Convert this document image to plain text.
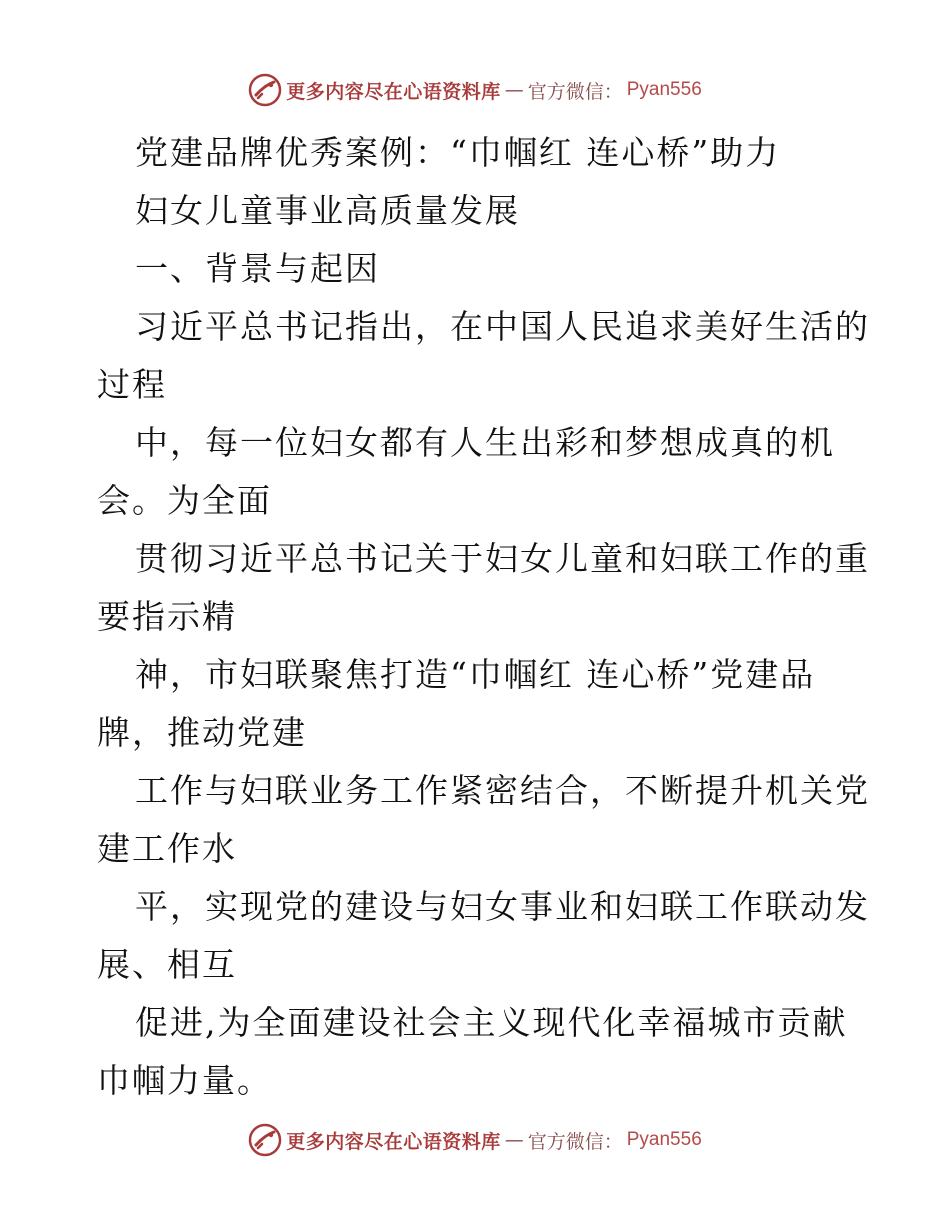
更多内容尽在心语资料库 — 官方微信： Pyan556
党建品牌优秀案例：“巾帼红 连心桥”助力
妇女儿童事业高质量发展
一、背景与起因
习近平总书记指出，在中国人民追求美好生活的
过程
中，每一位妇女都有人生出彩和梦想成真的机
会。为全面
贯彻习近平总书记关于妇女儿童和妇联工作的重
要指示精
神，市妇联聚焦打造“巾帼红 连心桥”党建品
牌，推动党建
工作与妇联业务工作紧密结合，不断提升机关党
建工作水
平，实现党的建设与妇女事业和妇联工作联动发
展、相互
促进,为全面建设社会主义现代化幸福城市贡献
巾帼力量。
更多内容尽在心语资料库 — 官方微信： Pyan556
